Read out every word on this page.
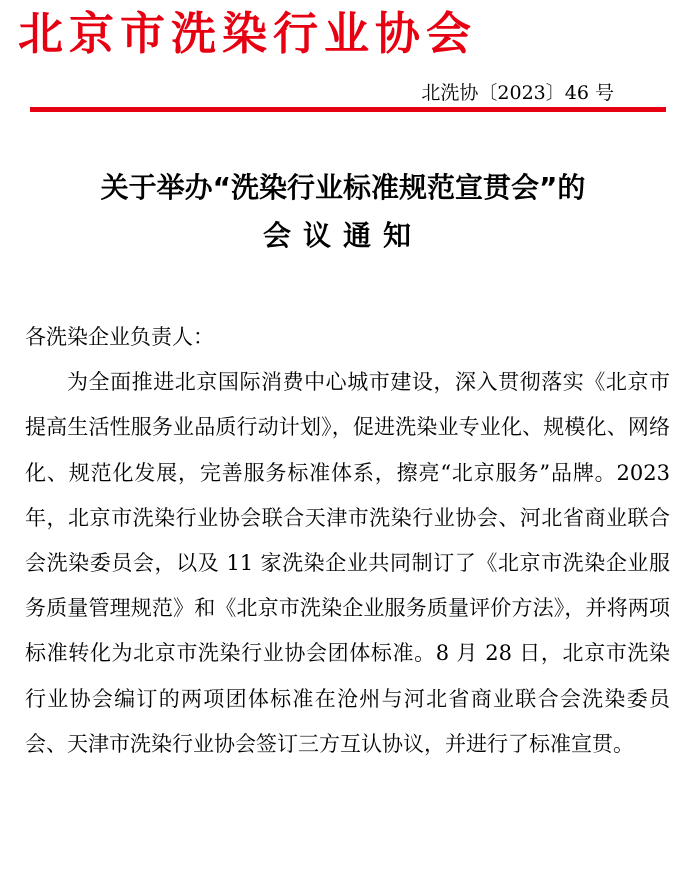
北京市洗染行业协会
北洗协〔2023〕46 号
关于举办“洗染行业标准规范宣贯会”的
会议通知

各洗染企业负责人：

为全面推进北京国际消费中心城市建设，深入贯彻落实《北京市提高生活性服务业品质行动计划》，促进洗染业专业化、规模化、网络化、规范化发展，完善服务标准体系，擦亮“北京服务”品牌。2023 年，北京市洗染行业协会联合天津市洗染行业协会、河北省商业联合会洗染委员会，以及 11 家洗染企业共同制订了《北京市洗染企业服务质量管理规范》和《北京市洗染企业服务质量评价方法》，并将两项标准转化为北京市洗染行业协会团体标准。8 月 28 日，北京市洗染行业协会编订的两项团体标准在沧州与河北省商业联合会洗染委员会、天津市洗染行业协会签订三方互认协议，并进行了标准宣贯。
